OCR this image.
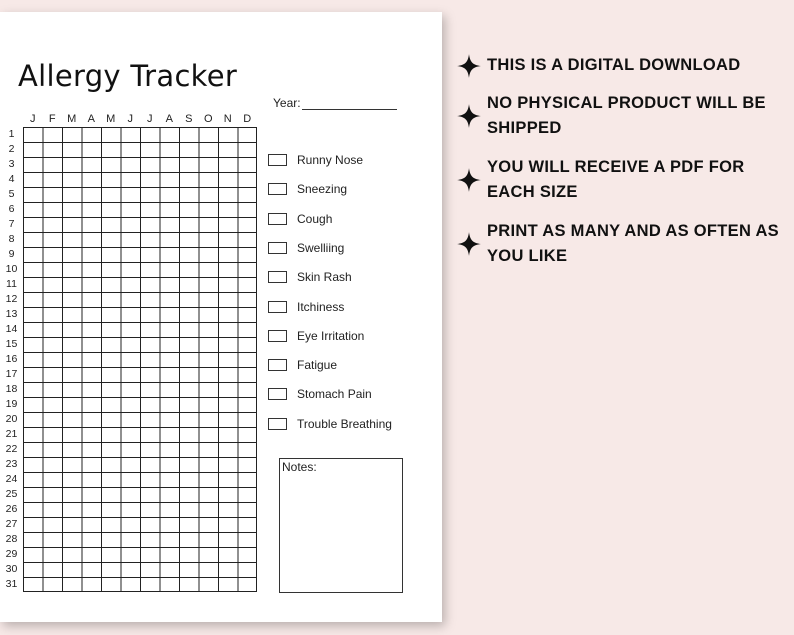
Allergy Tracker
Year:
J	F	M	A	M	J	J	A	S	O	N	D
1
2
3
4
5
6
7
8
9
10
11
12
13
14
15
16
17
18
19
20
21
22
23
24
25
26
27
28
29
30
31
Runny Nose
Sneezing
Cough
Swelliing
Skin Rash
Itchiness
Eye Irritation
Fatigue
Stomach Pain
Trouble Breathing
Notes:
THIS IS A DIGITAL DOWNLOAD
NO PHYSICAL PRODUCT WILL BE SHIPPED
YOU WILL RECEIVE A PDF FOR EACH SIZE
PRINT AS MANY AND AS OFTEN AS YOU LIKE
